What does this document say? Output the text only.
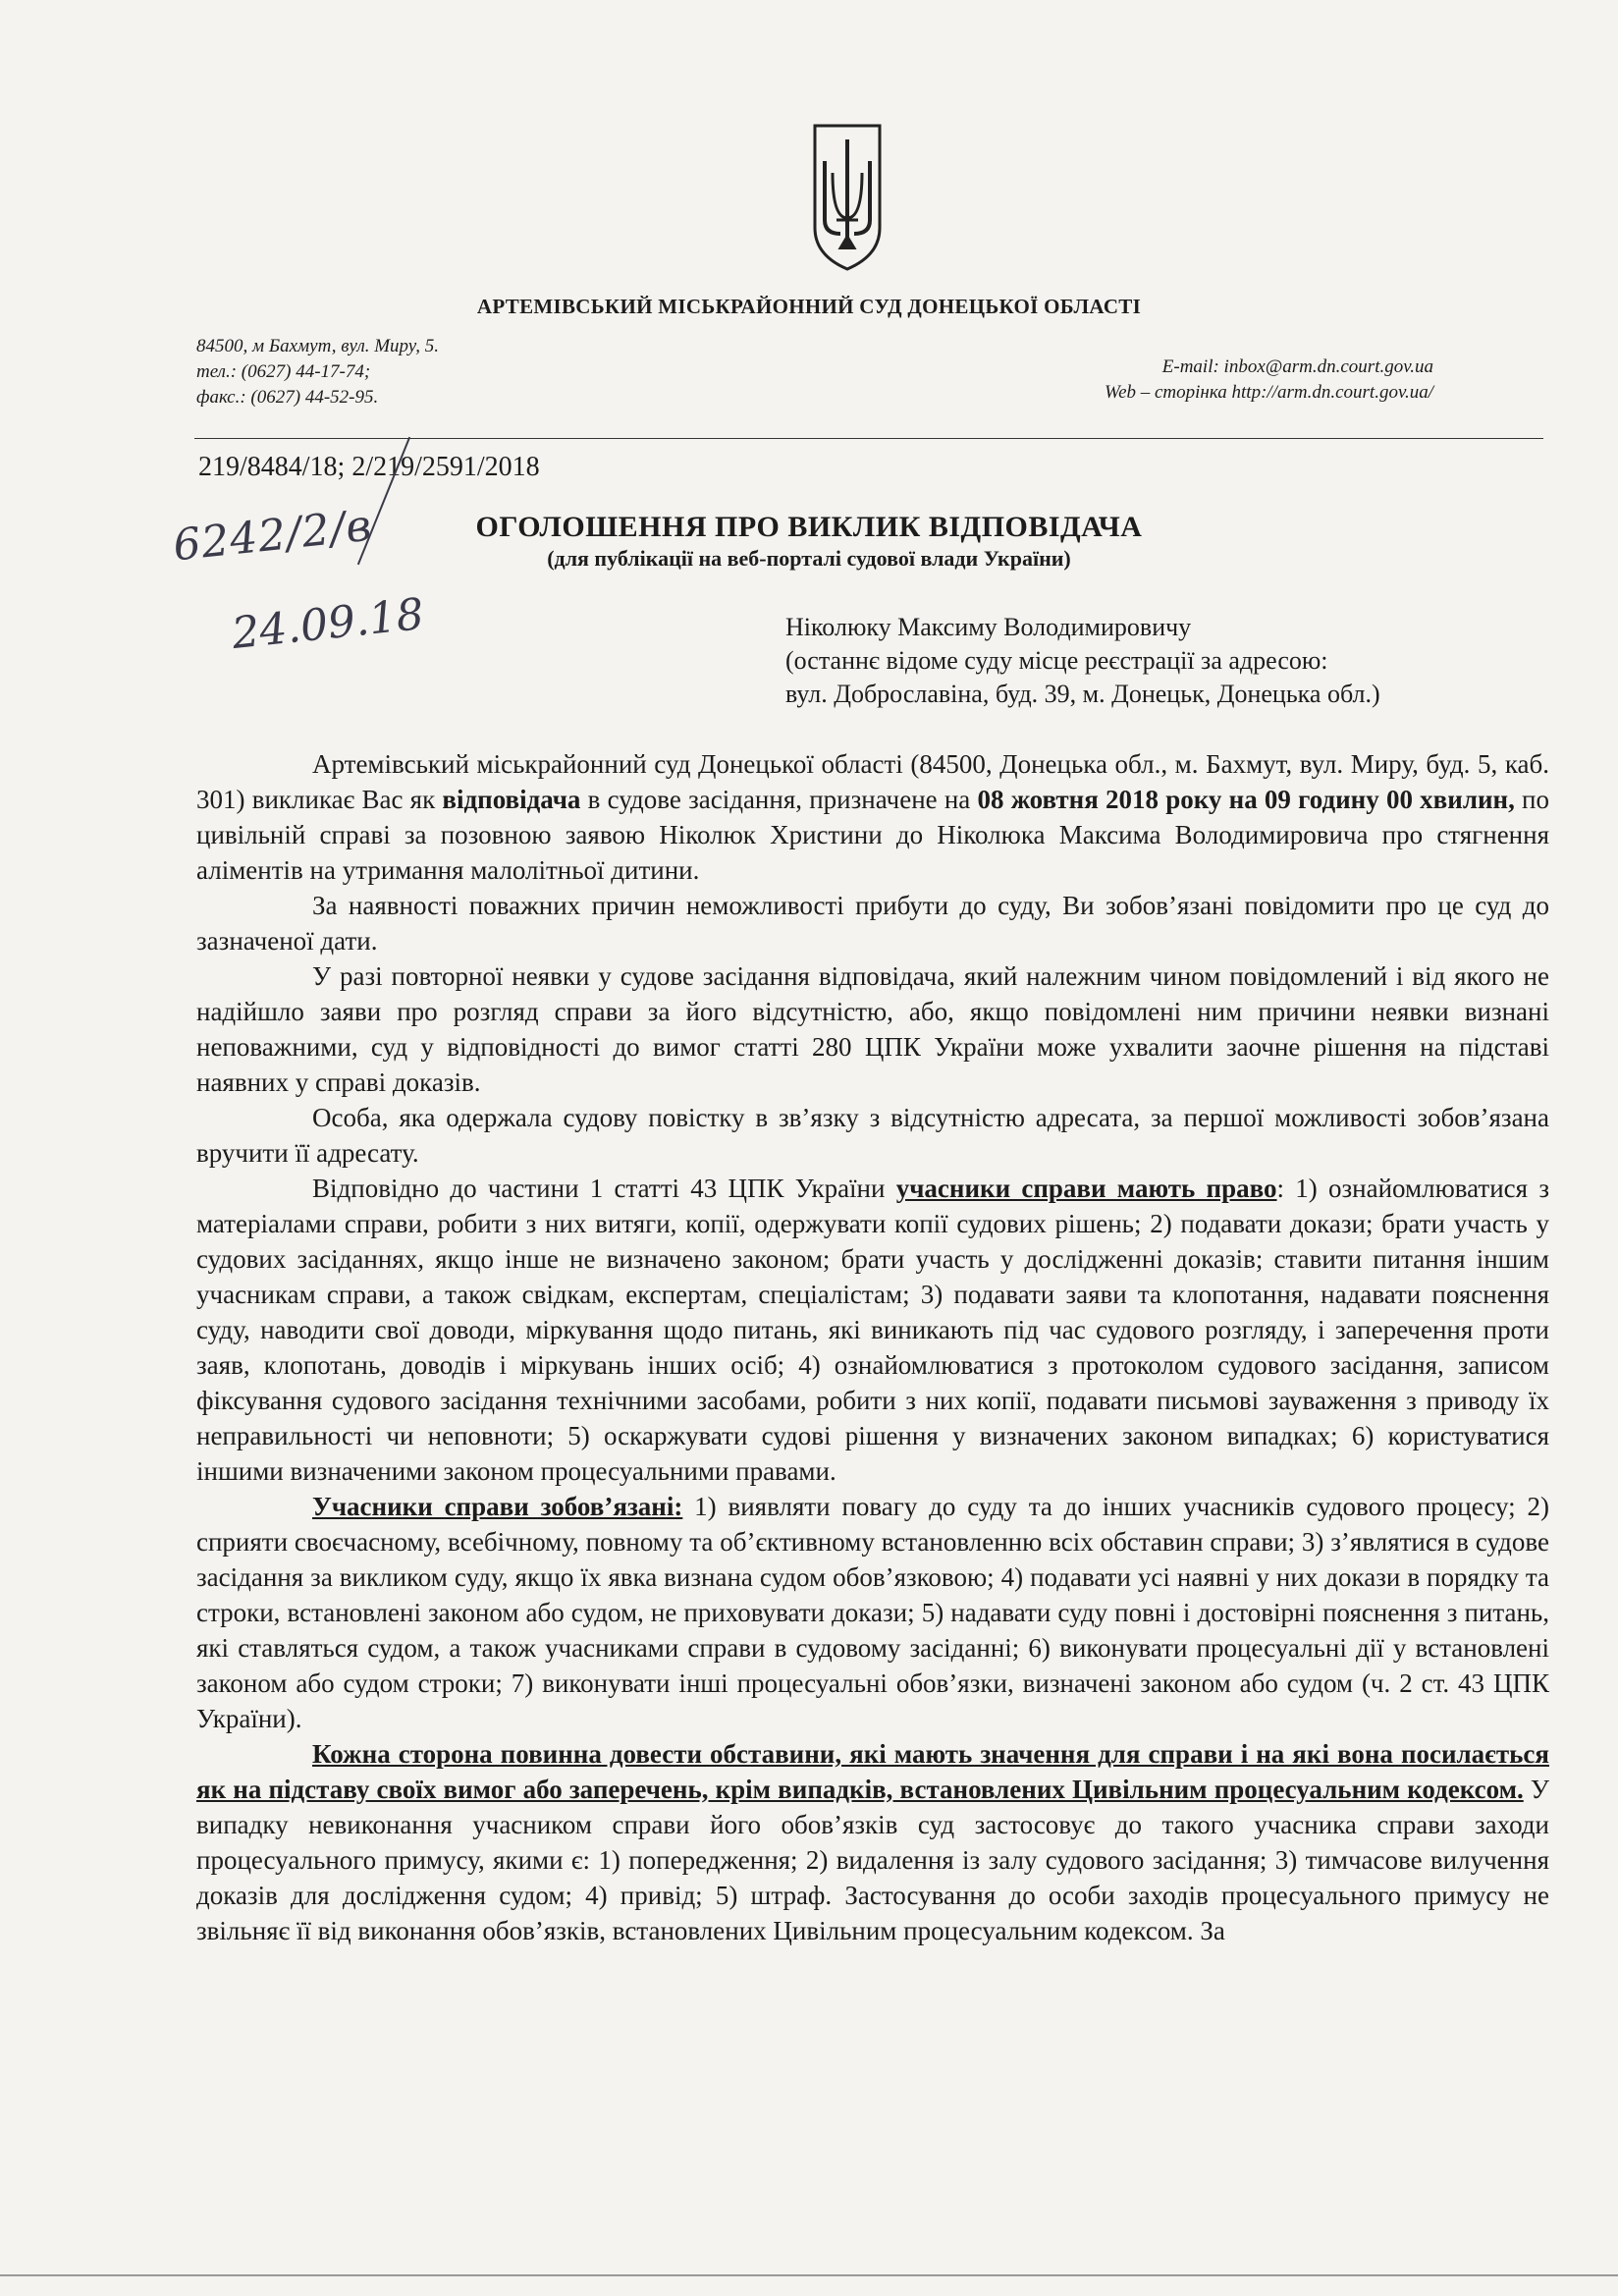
АРТЕМІВСЬКИЙ МІСЬКРАЙОННИЙ СУД ДОНЕЦЬКОЇ ОБЛАСТІ
84500, м Бахмут, вул. Миру, 5.
тел.: (0627) 44-17-74;
факс.: (0627) 44-52-95.
E-mail: inbox@arm.dn.court.gov.ua
Web – сторінка http://arm.dn.court.gov.ua/
219/8484/18; 2/219/2591/2018
6242/2/в
24.09.18
ОГОЛОШЕННЯ ПРО ВИКЛИК ВІДПОВІДАЧА
(для публікації на веб-порталі судової влади України)
Ніколюку Максиму Володимировичу
(останнє відоме суду місце реєстрації за адресою:
вул. Доброславіна, буд. 39, м. Донецьк, Донецька обл.)

Артемівський міськрайонний суд Донецької області (84500, Донецька обл., м. Бахмут, вул. Миру, буд. 5, каб. 301) викликає Вас як відповідача в судове засідання, призначене на 08 жовтня 2018 року на 09 годину 00 хвилин, по цивільній справі за позовною заявою Ніколюк Христини до Ніколюка Максима Володимировича про стягнення аліментів на утримання малолітньої дитини.

За наявності поважних причин неможливості прибути до суду, Ви зобов’язані повідомити про це суд до зазначеної дати.

У разі повторної неявки у судове засідання відповідача, який належним чином повідомлений і від якого не надійшло заяви про розгляд справи за його відсутністю, або, якщо повідомлені ним причини неявки визнані неповажними, суд у відповідності до вимог статті 280 ЦПК України може ухвалити заочне рішення на підставі наявних у справі доказів.

Особа, яка одержала судову повістку в зв’язку з відсутністю адресата, за першої можливості зобов’язана вручити її адресату.

Відповідно до частини 1 статті 43 ЦПК України учасники справи мають право: 1) ознайомлюватися з матеріалами справи, робити з них витяги, копії, одержувати копії судових рішень; 2) подавати докази; брати участь у судових засіданнях, якщо інше не визначено законом; брати участь у дослідженні доказів; ставити питання іншим учасникам справи, а також свідкам, експертам, спеціалістам; 3) подавати заяви та клопотання, надавати пояснення суду, наводити свої доводи, міркування щодо питань, які виникають під час судового розгляду, і заперечення проти заяв, клопотань, доводів і міркувань інших осіб; 4) ознайомлюватися з протоколом судового засідання, записом фіксування судового засідання технічними засобами, робити з них копії, подавати письмові зауваження з приводу їх неправильності чи неповноти; 5) оскаржувати судові рішення у визначених законом випадках; 6) користуватися іншими визначеними законом процесуальними правами.

Учасники справи зобов’язані: 1) виявляти повагу до суду та до інших учасників судового процесу; 2) сприяти своєчасному, всебічному, повному та об’єктивному встановленню всіх обставин справи; 3) з’являтися в судове засідання за викликом суду, якщо їх явка визнана судом обов’язковою; 4) подавати усі наявні у них докази в порядку та строки, встановлені законом або судом, не приховувати докази; 5) надавати суду повні і достовірні пояснення з питань, які ставляться судом, а також учасниками справи в судовому засіданні; 6) виконувати процесуальні дії у встановлені законом або судом строки; 7) виконувати інші процесуальні обов’язки, визначені законом або судом (ч. 2 ст. 43 ЦПК України).

Кожна сторона повинна довести обставини, які мають значення для справи і на які вона посилається як на підставу своїх вимог або заперечень, крім випадків, встановлених Цивільним процесуальним кодексом. У випадку невиконання учасником справи його обов’язків суд застосовує до такого учасника справи заходи процесуального примусу, якими є: 1) попередження; 2) видалення із залу судового засідання; 3) тимчасове вилучення доказів для дослідження судом; 4) привід; 5) штраф. Застосування до особи заходів процесуального примусу не звільняє її від виконання обов’язків, встановлених Цивільним процесуальним кодексом. За
